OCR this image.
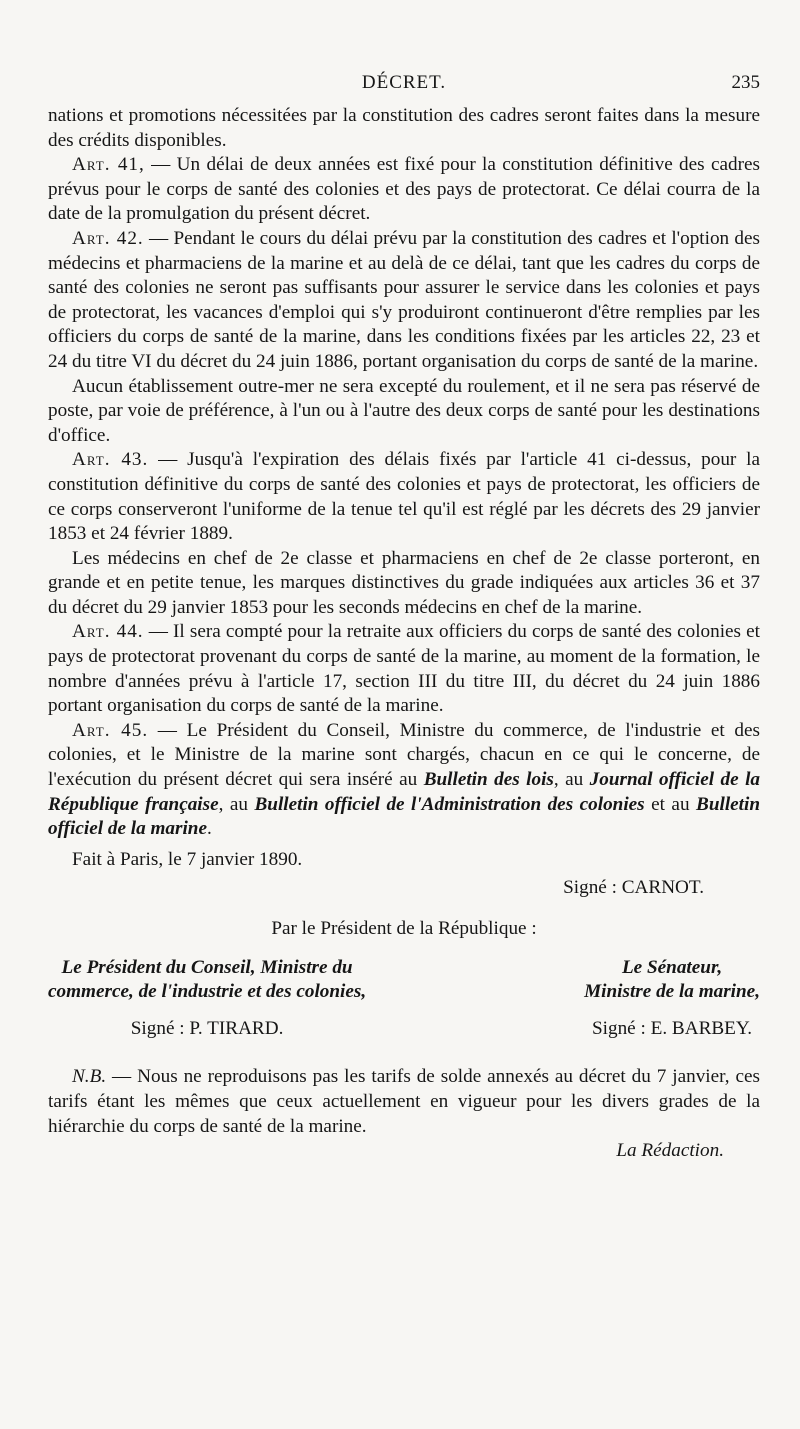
DÉCRET.	235

nations et promotions nécessitées par la constitution des cadres seront faites dans la mesure des crédits disponibles.

Art. 41, — Un délai de deux années est fixé pour la constitution définitive des cadres prévus pour le corps de santé des colonies et des pays de protectorat. Ce délai courra de la date de la promulgation du présent décret.

Art. 42. — Pendant le cours du délai prévu par la constitution des cadres et l'option des médecins et pharmaciens de la marine et au delà de ce délai, tant que les cadres du corps de santé des colonies ne seront pas suffisants pour assurer le service dans les colonies et pays de protectorat, les vacances d'emploi qui s'y produiront continueront d'être remplies par les officiers du corps de santé de la marine, dans les conditions fixées par les articles 22, 23 et 24 du titre VI du décret du 24 juin 1886, portant organisation du corps de santé de la marine.

Aucun établissement outre-mer ne sera excepté du roulement, et il ne sera pas réservé de poste, par voie de préférence, à l'un ou à l'autre des deux corps de santé pour les destinations d'office.

Art. 43. — Jusqu'à l'expiration des délais fixés par l'article 41 ci-dessus, pour la constitution définitive du corps de santé des colonies et pays de protectorat, les officiers de ce corps conserveront l'uniforme de la tenue tel qu'il est réglé par les décrets des 29 janvier 1853 et 24 février 1889.

Les médecins en chef de 2e classe et pharmaciens en chef de 2e classe porteront, en grande et en petite tenue, les marques distinctives du grade indiquées aux articles 36 et 37 du décret du 29 janvier 1853 pour les seconds médecins en chef de la marine.

Art. 44. — Il sera compté pour la retraite aux officiers du corps de santé des colonies et pays de protectorat provenant du corps de santé de la marine, au moment de la formation, le nombre d'années prévu à l'article 17, section III du titre III, du décret du 24 juin 1886 portant organisation du corps de santé de la marine.

Art. 45. — Le Président du Conseil, Ministre du commerce, de l'industrie et des colonies, et le Ministre de la marine sont chargés, chacun en ce qui le concerne, de l'exécution du présent décret qui sera inséré au Bulletin des lois, au Journal officiel de la République française, au Bulletin officiel de l'Administration des colonies et au Bulletin officiel de la marine.

Fait à Paris, le 7 janvier 1890.

Signé : CARNOT.

Par le Président de la République :

Le Président du Conseil, Ministre du
commerce, de l'industrie et des colonies,
Signé : P. TIRARD.
Le Sénateur,
Ministre de la marine,
Signé : E. BARBEY.

N.B. — Nous ne reproduisons pas les tarifs de solde annexés au décret du 7 janvier, ces tarifs étant les mêmes que ceux actuellement en vigueur pour les divers grades de la hiérarchie du corps de santé de la marine.

La Rédaction.
